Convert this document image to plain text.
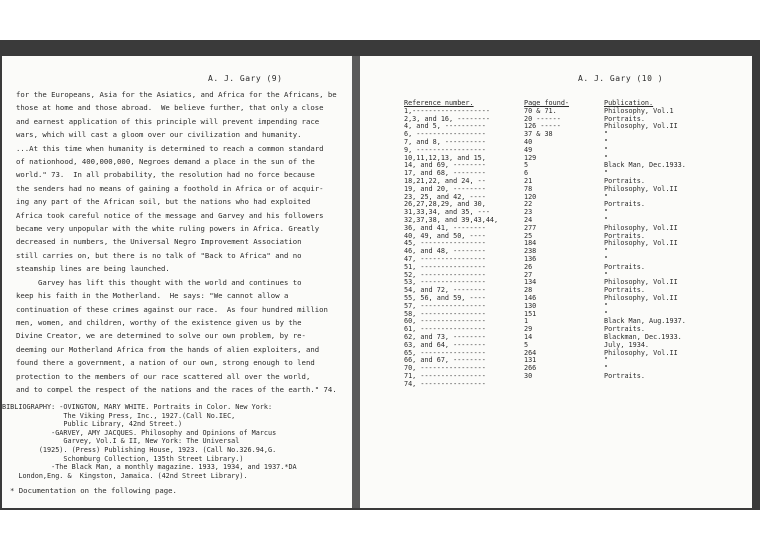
A. J. Gary (9)
for the Europeans, Asia for the Asiatics, and Africa for the Africans, be
those at home and those abroad.  We believe further, that only a close
and earnest application of this principle will prevent impending race
wars, which will cast a gloom over our civilization and humanity.
...At this time when humanity is determined to reach a common standard
of nationhood, 400,000,000, Negroes demand a place in the sun of the
world." 73.  In all probability, the resolution had no force because
the senders had no means of gaining a foothold in Africa or of acquir-
ing any part of the African soil, but the nations who had exploited
Africa took careful notice of the message and Garvey and his followers
became very unpopular with the white ruling powers in Africa. Greatly
decreased in numbers, the Universal Negro Improvement Association
still carries on, but there is no talk of "Back to Africa" and no
steamship lines are being launched.
Garvey has lift this thought with the world and continues to
keep his faith in the Motherland.  He says: "We cannot allow a
continuation of these crimes against our race.  As four hundred million
men, women, and children, worthy of the existence given us by the
Divine Creator, we are determined to solve our own problem, by re-
deeming our Motherland Africa from the hands of alien exploiters, and
found there a government, a nation of our own, strong enough to lend
protection to the members of our race scattered all over the world,
and to compel the respect of the nations and the races of the earth." 74.
BIBLIOGRAPHY: -OVINGTON, MARY WHITE. Portraits in Color. New York:
The Viking Press, Inc., 1927.(Call No.IEC,
Public Library, 42nd Street.)
-GARVEY, AMY JACQUES. Philosophy and Opinions of Marcus
Garvey, Vol.I & II, New York: The Universal
(1925). (Press) Publishing House, 1923. (Call No.326.94,G.
Schomburg Collection, 135th Street Library.)
-The Black Man, a monthly magazine. 1933, 1934, and 1937.*DA
London,Eng. &  Kingston, Jamaica. (42nd Street Library).
* Documentation on the following page.
A. J. Gary (10 )
Reference number.	Page found-	Publication.
1,-------------------	70 & 71.	Philosophy, Vol.1
2,3, and 16, --------	20 ------	Portraits.
4, and 5, ----------	126 -----	Philosophy, Vol.II
6, -----------------	37 & 38	"
7, and 8, ----------	40	"
9, -----------------	49	"
10,11,12,13, and 15,	129	"
14, and 69, --------	5	Black Man, Dec.1933.
17, and 68, --------	6	"
18,21,22, and 24, --	21	Portraits.
19, and 20, --------	78	Philosophy, Vol.II
23, 25, and 42, ----	120	"
26,27,28,29, and 30,	22	Portraits.
31,33,34, and 35, ---	23	"
32,37,38, and 39,43,44,	24	"
36, and 41, --------	277	Philosophy, Vol.II
40, 49, and 50, ----	25	Portraits.
45, ----------------	184	Philosophy, Vol.II
46, and 48, --------	238	"
47, ----------------	136	"
51, ----------------	26	Portraits.
52, ----------------	27	"
53, ----------------	134	Philosophy, Vol.II
54, and 72, --------	28	Portraits.
55, 56, and 59, ----	146	Philosophy, Vol.II
57, ----------------	130	"
58, ----------------	151	"
60, ----------------	1	Black Man, Aug.1937.
61, ----------------	29	Portraits.
62, and 73, --------	14	Blackman, Dec.1933.
63, and 64, --------	5	July, 1934.
65, ----------------	264	Philosophy, Vol.II
66, and 67, --------	131	"
70, ----------------	266	"
71, ----------------	30	Portraits.
74, ----------------		
